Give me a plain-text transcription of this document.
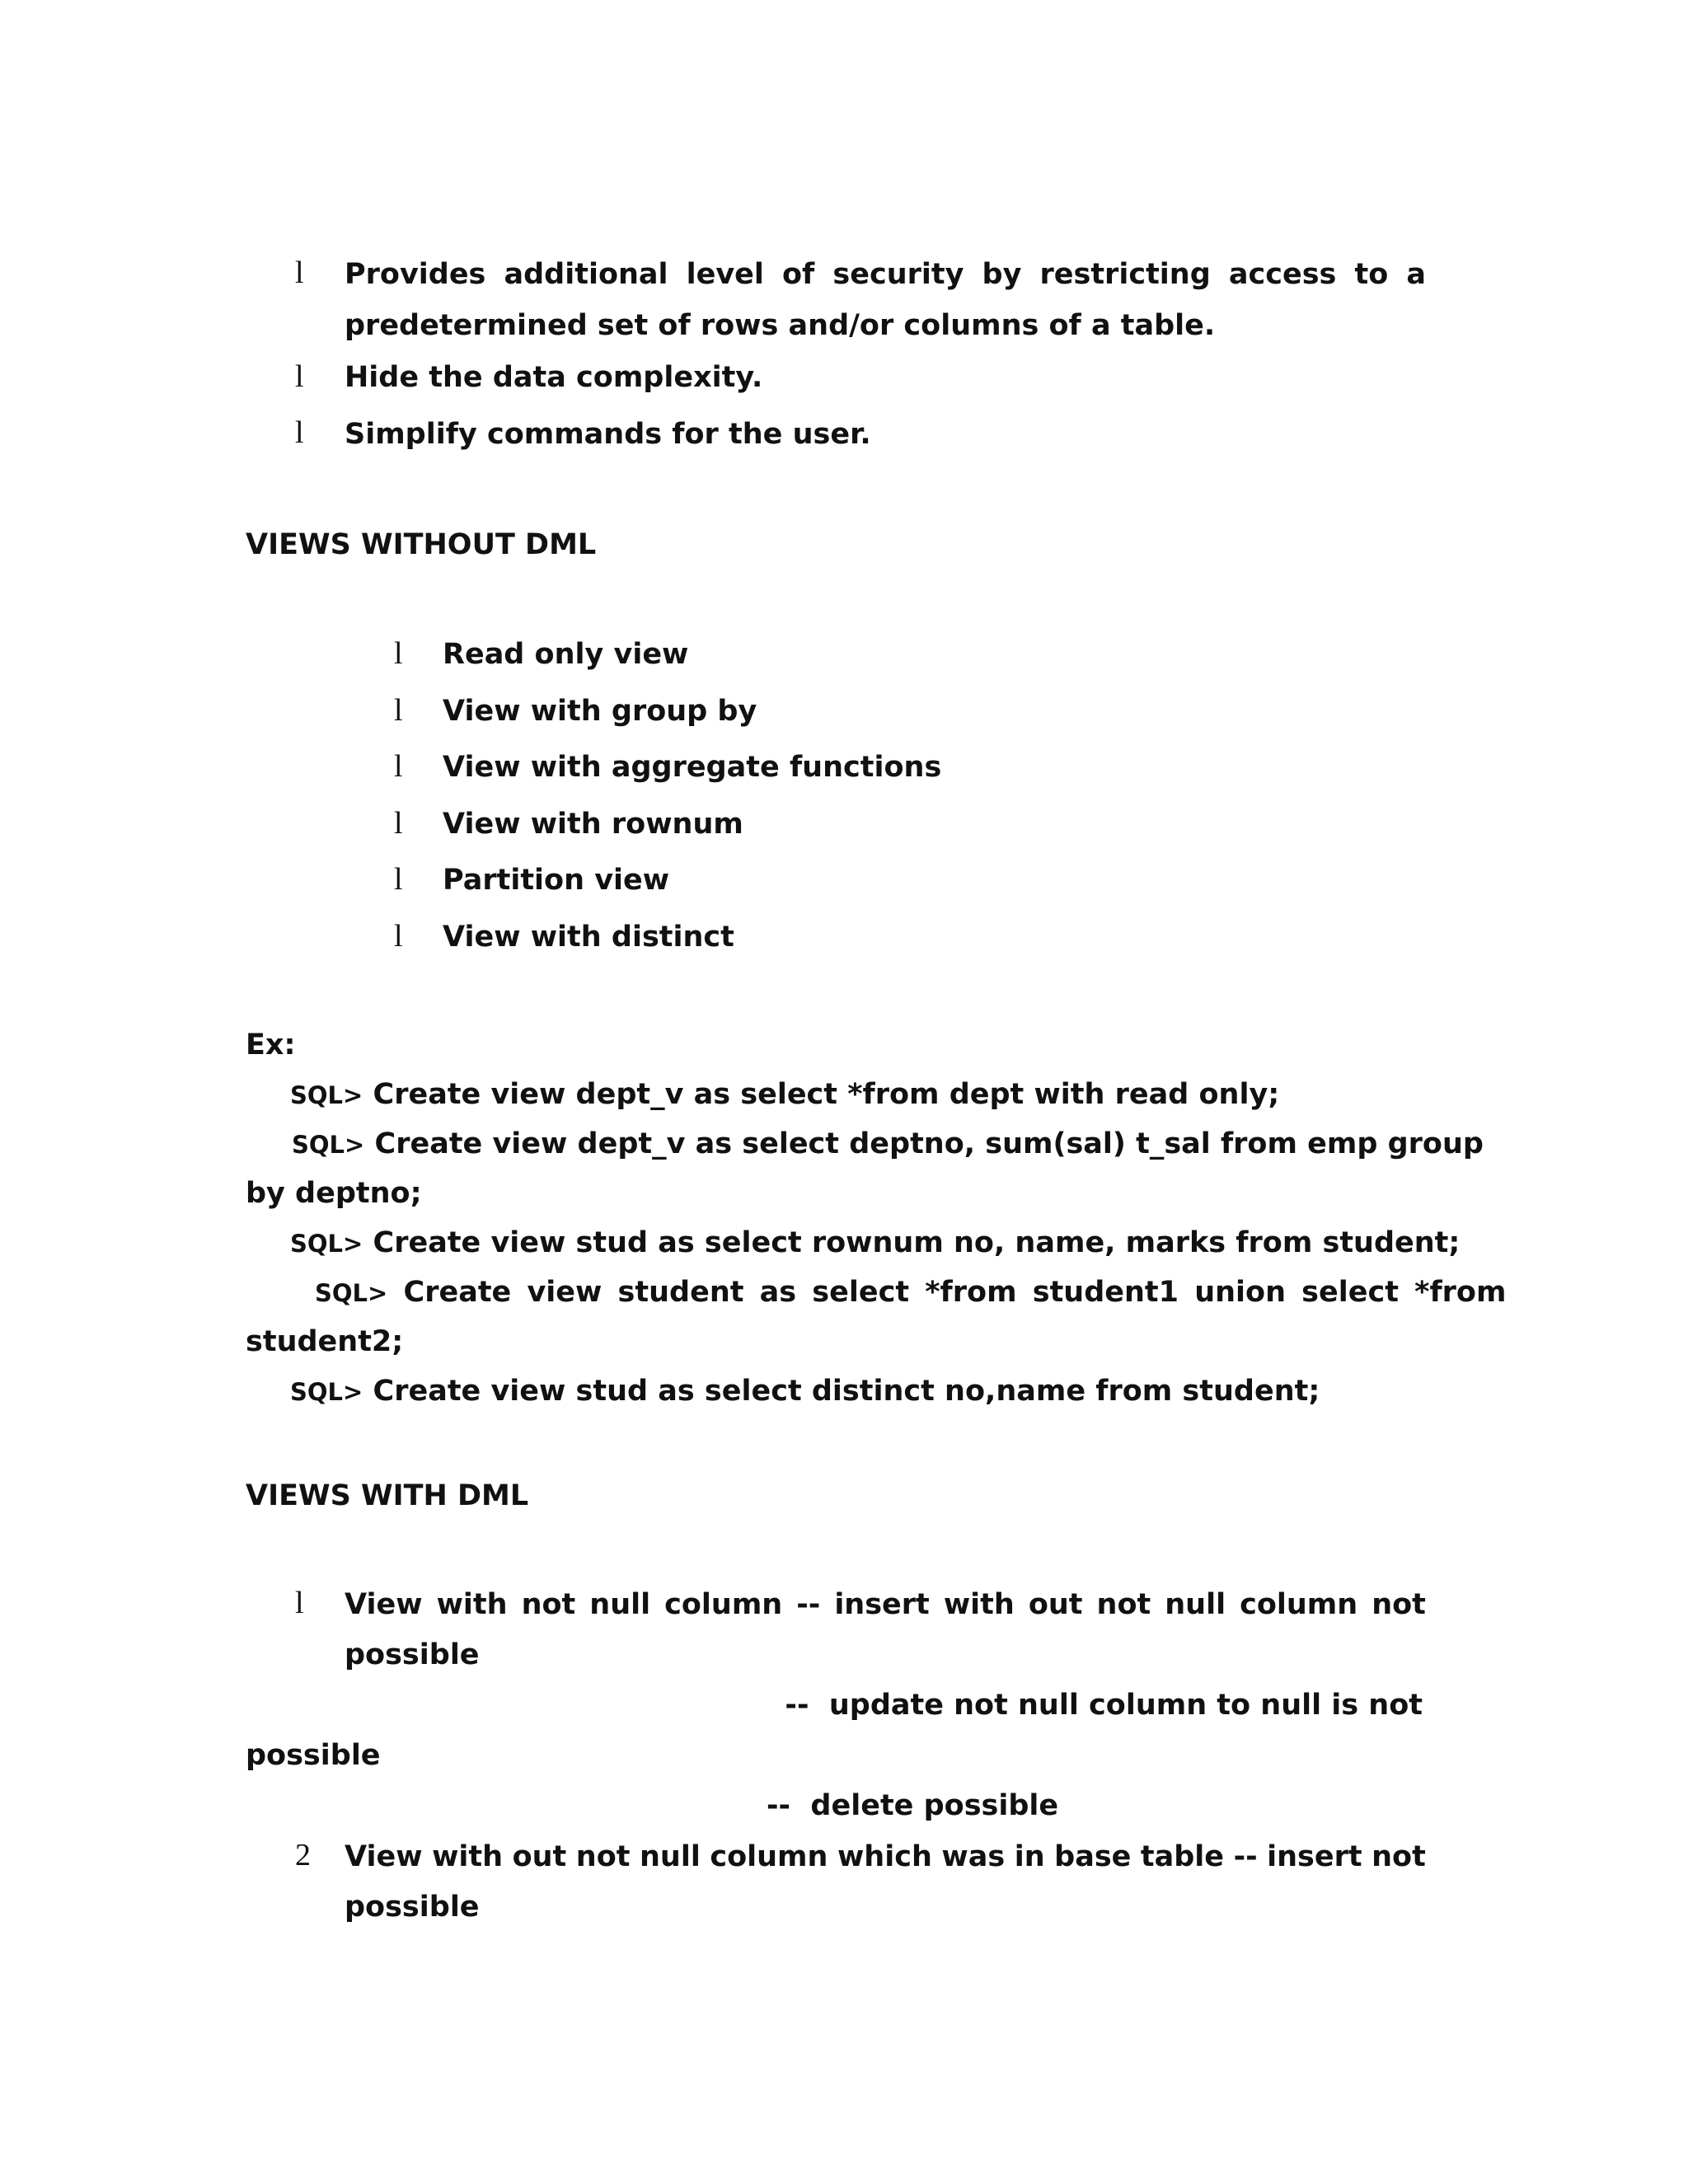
l Provides additional level of security by restricting access to a
predetermined set of rows and/or columns of a table.
l Hide the data complexity.
l Simplify commands for the user.
VIEWS WITHOUT DML
l Read only view
l View with group by
l View with aggregate functions
l View with rownum
l Partition view
l View with distinct
Ex:
SQL> Create view dept_v as select *from dept with read only;
SQL> Create view dept_v as select deptno, sum(sal) t_sal from emp group
by deptno;
SQL> Create view stud as select rownum no, name, marks from student;
SQL> Create view student as select *from student1 union select *from
student2;
SQL> Create view stud as select distinct no,name from student;
VIEWS WITH DML
l View with not null column -- insert with out not null column not
possible
--  update not null column to null is not
possible
--  delete possible
2 View with out not null column which was in base table -- insert not
possible
